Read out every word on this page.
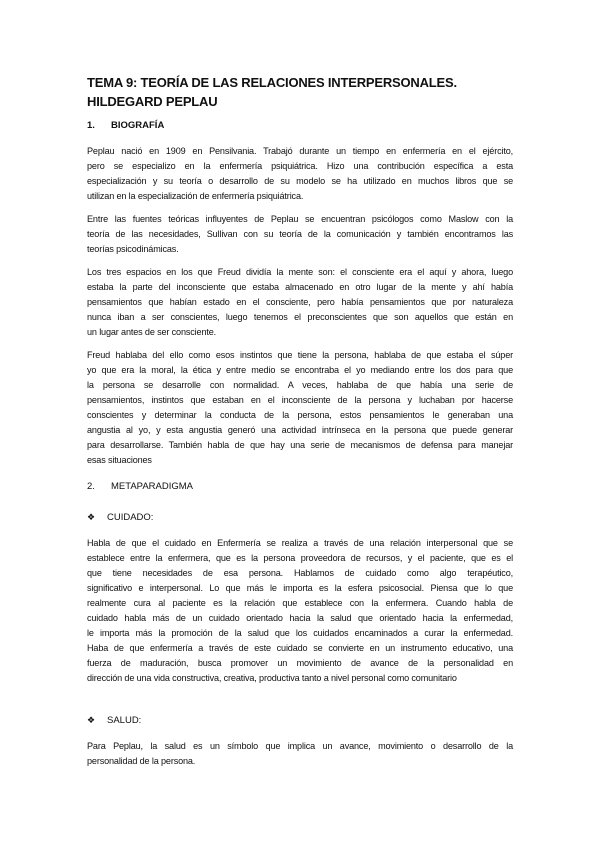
TEMA 9: TEORÍA DE LAS RELACIONES INTERPERSONALES. HILDEGARD PEPLAU
1. BIOGRAFÍA
Peplau nació en 1909 en Pensilvania. Trabajó durante un tiempo en enfermería en el ejército,
pero se especializo en la enfermería psiquiátrica. Hizo una contribución específica a esta
especialización y su teoría o desarrollo de su modelo se ha utilizado en muchos libros que se
utilizan en la especialización de enfermería psiquiátrica.
Entre las fuentes teóricas influyentes de Peplau se encuentran psicólogos como Maslow con la
teoría de las necesidades, Sullivan con su teoría de la comunicación y también encontramos las
teorías psicodinámicas.
Los tres espacios en los que Freud dividía la mente son: el consciente era el aquí y ahora, luego
estaba la parte del inconsciente que estaba almacenado en otro lugar de la mente y ahí había
pensamientos que habían estado en el consciente, pero había pensamientos que por naturaleza
nunca iban a ser conscientes, luego tenemos el preconscientes que son aquellos que están en
un lugar antes de ser consciente.
Freud hablaba del ello como esos instintos que tiene la persona, hablaba de que estaba el súper
yo que era la moral, la ética y entre medio se encontraba el yo mediando entre los dos para que
la persona se desarrolle con normalidad. A veces, hablaba de que había una serie de
pensamientos, instintos que estaban en el inconsciente de la persona y luchaban por hacerse
conscientes y determinar la conducta de la persona, estos pensamientos le generaban una
angustia al yo, y esta angustia generó una actividad intrínseca en la persona que puede generar
para desarrollarse. También habla de que hay una serie de mecanismos de defensa para manejar
esas situaciones
2. METAPARADIGMA
❖ CUIDADO:
Habla de que el cuidado en Enfermería se realiza a través de una relación interpersonal que se
establece entre la enfermera, que es la persona proveedora de recursos, y el paciente, que es el
que tiene necesidades de esa persona. Hablamos de cuidado como algo terapéutico,
significativo e interpersonal. Lo que más le importa es la esfera psicosocial. Piensa que lo que
realmente cura al paciente es la relación que establece con la enfermera. Cuando habla de
cuidado habla más de un cuidado orientado hacia la salud que orientado hacia la enfermedad,
le importa más la promoción de la salud que los cuidados encaminados a curar la enfermedad.
Haba de que enfermería a través de este cuidado se convierte en un instrumento educativo, una
fuerza de maduración, busca promover un movimiento de avance de la personalidad en
dirección de una vida constructiva, creativa, productiva tanto a nivel personal como comunitario
❖ SALUD:
Para Peplau, la salud es un símbolo que implica un avance, movimiento o desarrollo de la
personalidad de la persona.
